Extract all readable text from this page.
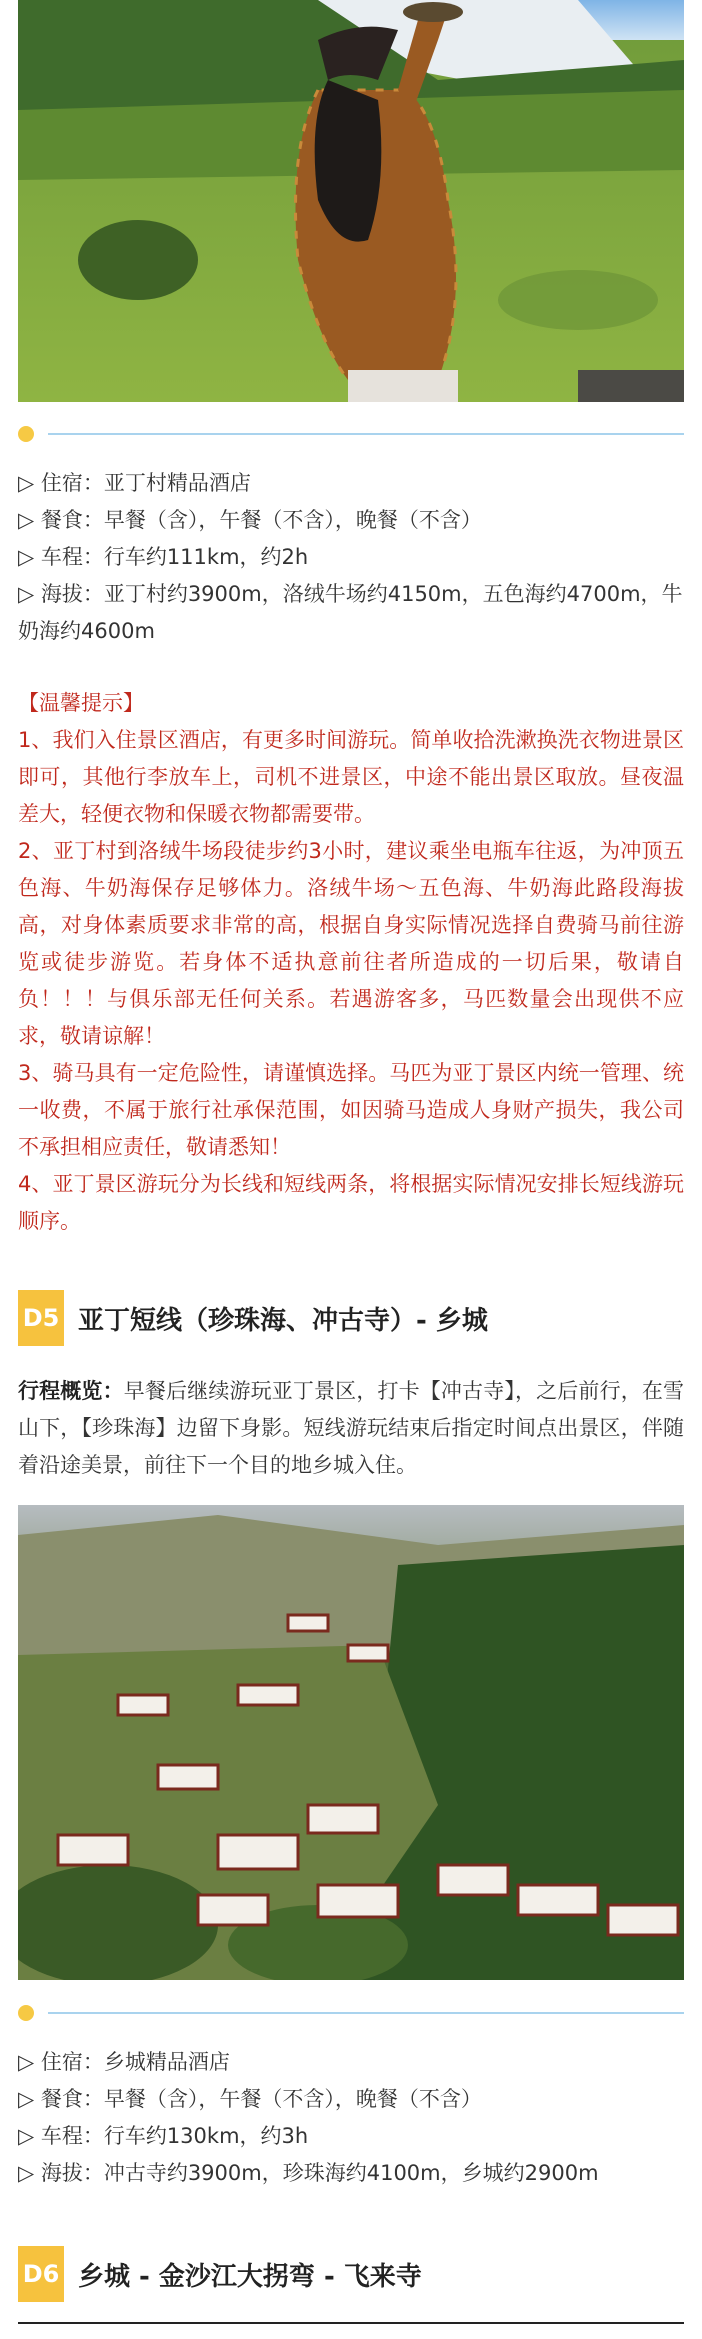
▷ 住宿：亚丁村精品酒店
▷ 餐食：早餐（含），午餐（不含），晚餐（不含）
▷ 车程：行车约111km，约2h
▷ 海拔：亚丁村约3900m，洛绒牛场约4150m，五色海约4700m，牛奶海约4600m

【温馨提示】

1、我们入住景区酒店，有更多时间游玩。简单收拾洗漱换洗衣物进景区即可，其他行李放车上，司机不进景区，中途不能出景区取放。昼夜温差大，轻便衣物和保暖衣物都需要带。

2、亚丁村到洛绒牛场段徒步约3小时，建议乘坐电瓶车往返，为冲顶五色海、牛奶海保存足够体力。洛绒牛场～五色海、牛奶海此路段海拔高，对身体素质要求非常的高，根据自身实际情况选择自费骑马前往游览或徒步游览。若身体不适执意前往者所造成的一切后果，敬请自负！！！与俱乐部无任何关系。若遇游客多，马匹数量会出现供不应求，敬请谅解！

3、骑马具有一定危险性，请谨慎选择。马匹为亚丁景区内统一管理、统一收费，不属于旅行社承保范围，如因骑马造成人身财产损失，我公司不承担相应责任，敬请悉知！

4、亚丁景区游玩分为长线和短线两条，将根据实际情况安排长短线游玩顺序。

D5 亚丁短线（珍珠海、冲古寺）- 乡城
行程概览：早餐后继续游玩亚丁景区，打卡【冲古寺】，之后前行，在雪山下，【珍珠海】边留下身影。短线游玩结束后指定时间点出景区，伴随着沿途美景，前往下一个目的地乡城入住。
▷ 住宿：乡城精品酒店
▷ 餐食：早餐（含），午餐（不含），晚餐（不含）
▷ 车程：行车约130km，约3h
▷ 海拔：冲古寺约3900m，珍珠海约4100m，乡城约2900m
D6 乡城 - 金沙江大拐弯 - 飞来寺
